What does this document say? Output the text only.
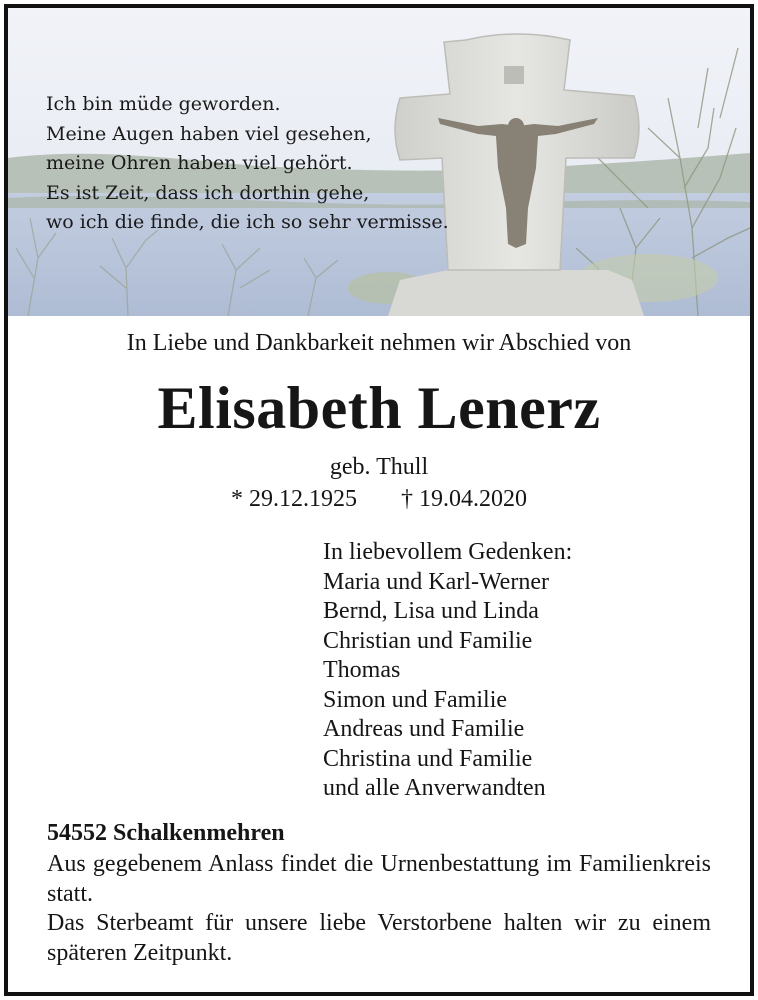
Ich bin müde geworden.
Meine Augen haben viel gesehen,
meine Ohren haben viel gehört.
Es ist Zeit, dass ich dorthin gehe,
wo ich die finde, die ich so sehr vermisse.
In Liebe und Dankbarkeit nehmen wir Abschied von
Elisabeth Lenerz
geb. Thull
* 29.12.1925 † 19.04.2020
In liebevollem Gedenken:
Maria und Karl-Werner
Bernd, Lisa und Linda
Christian und Familie
Thomas
Simon und Familie
Andreas und Familie
Christina und Familie
und alle Anverwandten
54552 Schalkenmehren
Aus gegebenem Anlass findet die Urnenbestattung im Familienkreis statt.
Das Sterbeamt für unsere liebe Verstorbene halten wir zu einem späteren Zeitpunkt.
